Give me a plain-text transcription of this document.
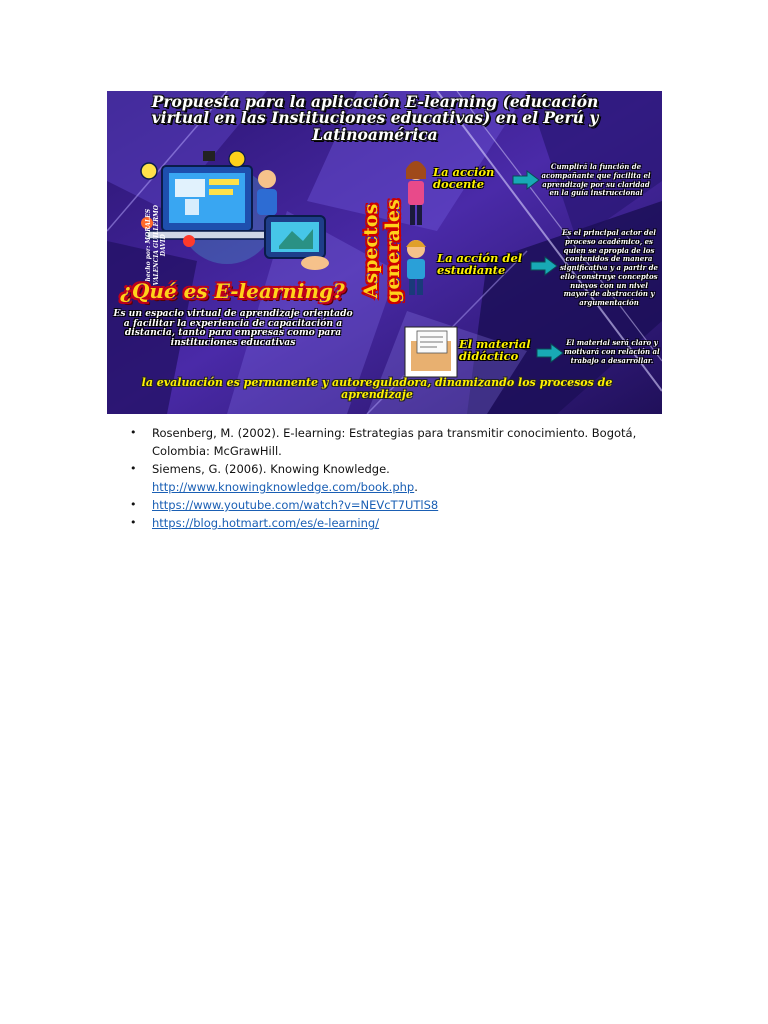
Propuesta para la aplicación E-learning (educación virtual en las Instituciones educativas) en el Perú y Latinoamérica
hecho por: MORALES VALENCIA GUILLERMO DAVID
¿Qué es E-learning?
Es un espacio virtual de aprendizaje orientado a facilitar la experiencia de capacitación a distancia, tanto para empresas como para instituciones educativas
Aspectos generales
La acción docente
Cumplirá la función de acompañante que facilita el aprendizaje por su claridad en la guía instruccional
La acción del estudiante
Es el principal actor del proceso académico, es quien se apropia de los contenidos de manera significativa y a partir de ello construye conceptos nuevos con un nivel mayor de abstracción y argumentación
El material didáctico
El material será claro y motivará con relación al trabajo a desarrollar.
la evaluación es permanente y autoreguladora, dinamizando los procesos de aprendizaje
• Rosenberg, M. (2002). E-learning: Estrategias para transmitir conocimiento. Bogotá, Colombia: McGrawHill.
• Siemens, G. (2006). Knowing Knowledge. http://www.knowingknowledge.com/book.php.
• https://www.youtube.com/watch?v=NEVcT7UTlS8
• https://blog.hotmart.com/es/e-learning/
